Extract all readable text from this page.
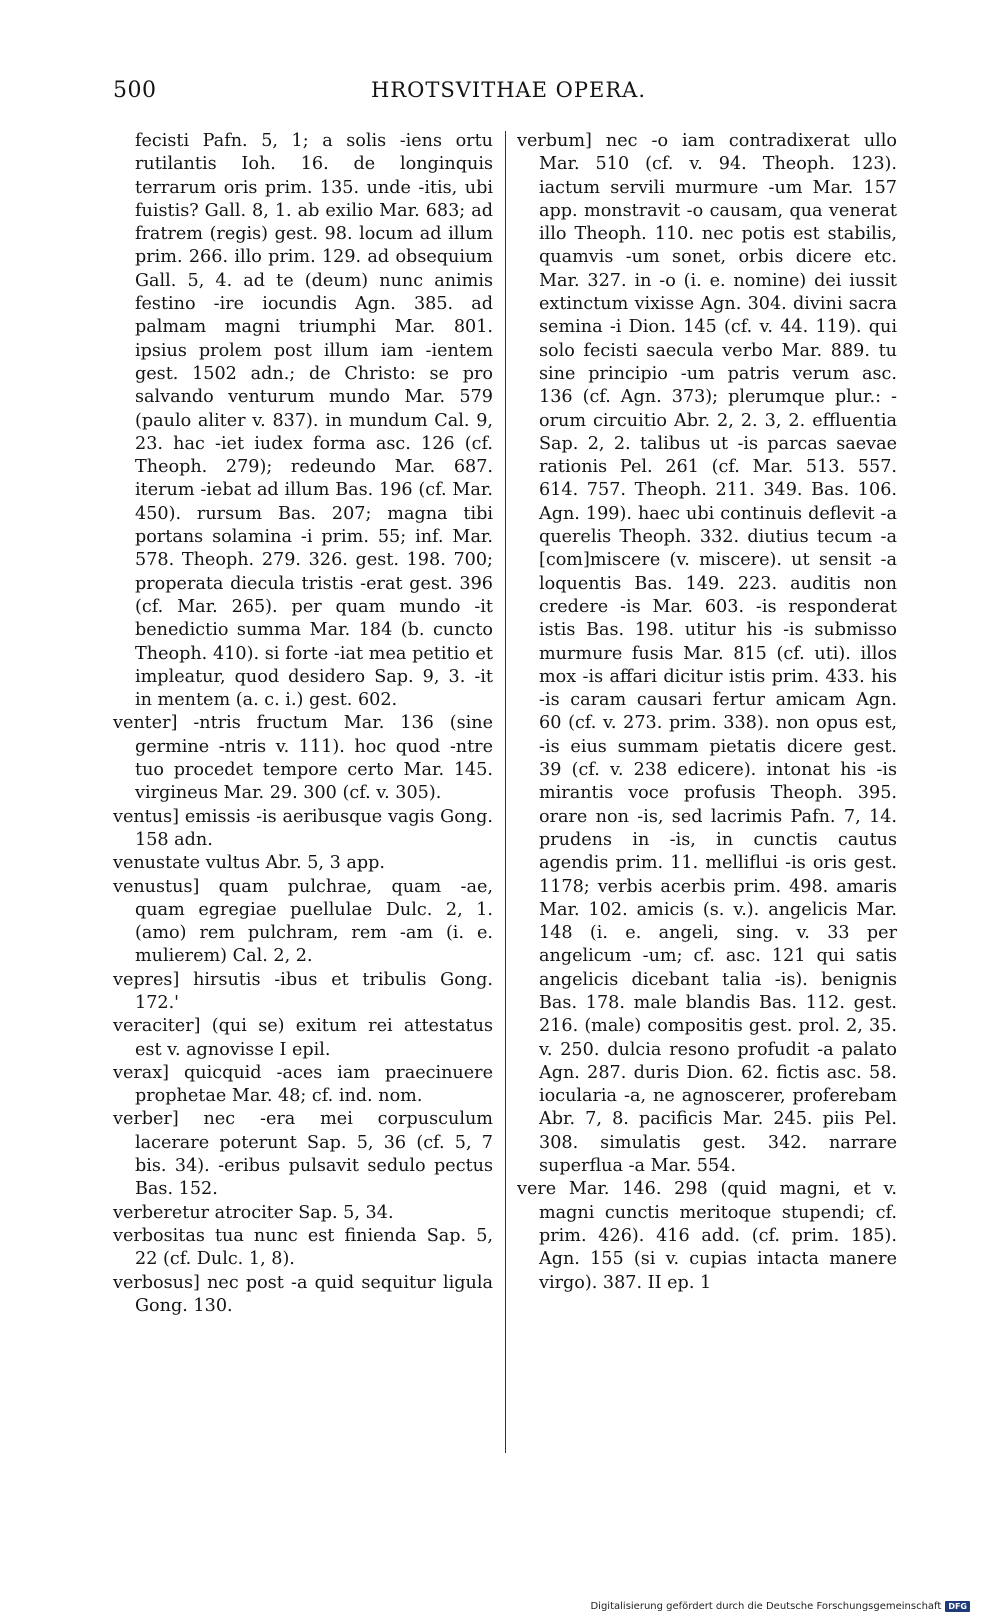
500	HROTSVITHAE OPERA.

fecisti Pafn. 5, 1; a solis -iens ortu rutilantis Ioh. 16. de longinquis terrarum oris prim. 135. unde -itis, ubi fuistis? Gall. 8, 1. ab exilio Mar. 683; ad fratrem (regis) gest. 98. locum ad illum prim. 266. illo prim. 129. ad obsequium Gall. 5, 4. ad te (deum) nunc animis festino -ire iocundis Agn. 385. ad palmam magni triumphi Mar. 801. ipsius prolem post illum iam -ientem gest. 1502 adn.; de Christo: se pro salvando venturum mundo Mar. 579 (paulo aliter v. 837). in mundum Cal. 9, 23. hac -iet iudex forma asc. 126 (cf. Theoph. 279); redeundo Mar. 687. iterum -iebat ad illum Bas. 196 (cf. Mar. 450). rursum Bas. 207; magna tibi portans solamina -i prim. 55; inf. Mar. 578. Theoph. 279. 326. gest. 198. 700; properata diecula tristis -erat gest. 396 (cf. Mar. 265). per quam mundo -it benedictio summa Mar. 184 (b. cuncto Theoph. 410). si forte -iat mea petitio et impleatur, quod desidero Sap. 9, 3. -it in mentem (a. c. i.) gest. 602.

venter] -ntris fructum Mar. 136 (sine germine -ntris v. 111). hoc quod -ntre tuo procedet tempore certo Mar. 145. virgineus Mar. 29. 300 (cf. v. 305).

ventus] emissis -is aeribusque vagis Gong. 158 adn.

venustate vultus Abr. 5, 3 app.

venustus] quam pulchrae, quam -ae, quam egregiae puellulae Dulc. 2, 1. (amo) rem pulchram, rem -am (i. e. mulierem) Cal. 2, 2.

vepres] hirsutis -ibus et tribulis Gong. 172.'

veraciter] (qui se) exitum rei attestatus est v. agnovisse I epil.

verax] quicquid -aces iam praecinuere prophetae Mar. 48; cf. ind. nom.

verber] nec -era mei corpusculum lacerare poterunt Sap. 5, 36 (cf. 5, 7 bis. 34). -eribus pulsavit sedulo pectus Bas. 152.

verberetur atrociter Sap. 5, 34.

verbositas tua nunc est finienda Sap. 5, 22 (cf. Dulc. 1, 8).

verbosus] nec post -a quid sequitur ligula Gong. 130.

verbum] nec -o iam contradixerat ullo Mar. 510 (cf. v. 94. Theoph. 123). iactum servili murmure -um Mar. 157 app. monstravit -o causam, qua venerat illo Theoph. 110. nec potis est stabilis, quamvis -um sonet, orbis dicere etc. Mar. 327. in -o (i. e. nomine) dei iussit extinctum vixisse Agn. 304. divini sacra semina -i Dion. 145 (cf. v. 44. 119). qui solo fecisti saecula verbo Mar. 889. tu sine principio -um patris verum asc. 136 (cf. Agn. 373); plerumque plur.: -orum circuitio Abr. 2, 2. 3, 2. effluentia Sap. 2, 2. talibus ut -is parcas saevae rationis Pel. 261 (cf. Mar. 513. 557. 614. 757. Theoph. 211. 349. Bas. 106. Agn. 199). haec ubi continuis deflevit -a querelis Theoph. 332. diutius tecum -a [com]miscere (v. miscere). ut sensit -a loquentis Bas. 149. 223. auditis non credere -is Mar. 603. -is responderat istis Bas. 198. utitur his -is submisso murmure fusis Mar. 815 (cf. uti). illos mox -is affari dicitur istis prim. 433. his -is caram causari fertur amicam Agn. 60 (cf. v. 273. prim. 338). non opus est, -is eius summam pietatis dicere gest. 39 (cf. v. 238 edicere). intonat his -is mirantis voce profusis Theoph. 395. orare non -is, sed lacrimis Pafn. 7, 14. prudens in -is, in cunctis cautus agendis prim. 11. melliflui -is oris gest. 1178; verbis acerbis prim. 498. amaris Mar. 102. amicis (s. v.). angelicis Mar. 148 (i. e. angeli, sing. v. 33 per angelicum -um; cf. asc. 121 qui satis angelicis dicebant talia -is). benignis Bas. 178. male blandis Bas. 112. gest. 216. (male) compositis gest. prol. 2, 35. v. 250. dulcia resono profudit -a palato Agn. 287. duris Dion. 62. fictis asc. 58. iocularia -a, ne agnoscerer, proferebam Abr. 7, 8. pacificis Mar. 245. piis Pel. 308. simulatis gest. 342. narrare superflua -a Mar. 554.

vere Mar. 146. 298 (quid magni, et v. magni cunctis meritoque stupendi; cf. prim. 426). 416 add. (cf. prim. 185). Agn. 155 (si v. cupias intacta manere virgo). 387. II ep. 1

Digitalisierung gefördert durch die Deutsche Forschungsgemeinschaft DFG
